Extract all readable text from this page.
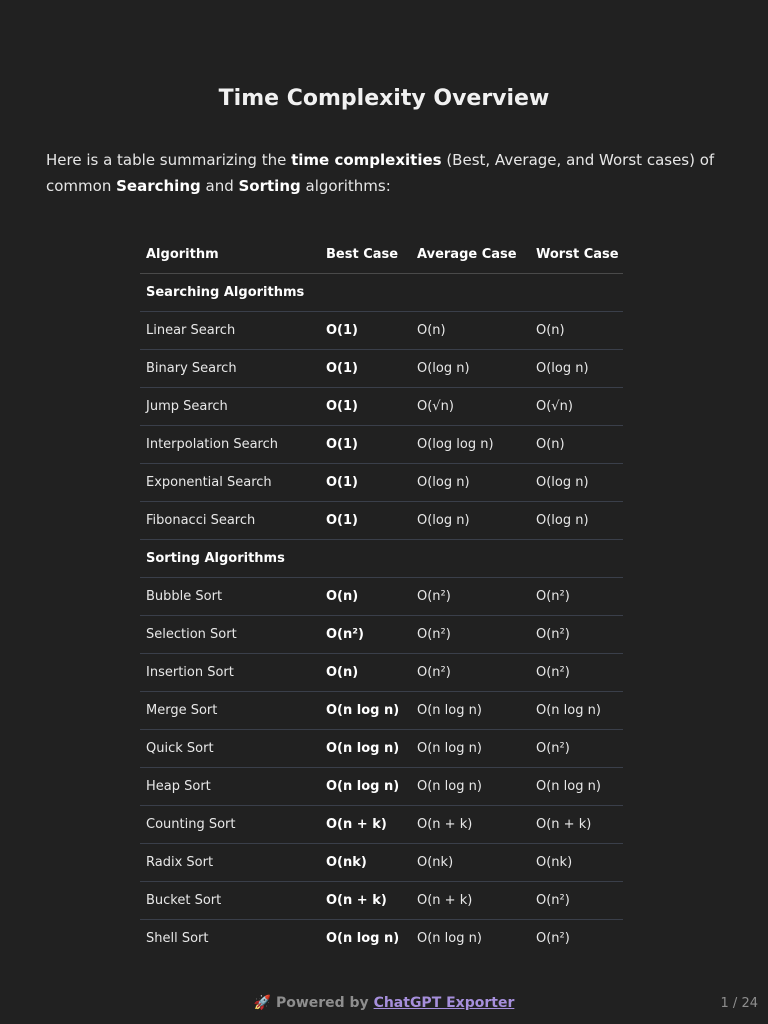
Time Complexity Overview

Here is a table summarizing the time complexities (Best, Average, and Worst cases) of common Searching and Sorting algorithms:

Algorithm	Best Case	Average Case	Worst Case
Searching Algorithms			
Linear Search	O(1)	O(n)	O(n)
Binary Search	O(1)	O(log n)	O(log n)
Jump Search	O(1)	O(√n)	O(√n)
Interpolation Search	O(1)	O(log log n)	O(n)
Exponential Search	O(1)	O(log n)	O(log n)
Fibonacci Search	O(1)	O(log n)	O(log n)
Sorting Algorithms			
Bubble Sort	O(n)	O(n²)	O(n²)
Selection Sort	O(n²)	O(n²)	O(n²)
Insertion Sort	O(n)	O(n²)	O(n²)
Merge Sort	O(n log n)	O(n log n)	O(n log n)
Quick Sort	O(n log n)	O(n log n)	O(n²)
Heap Sort	O(n log n)	O(n log n)	O(n log n)
Counting Sort	O(n + k)	O(n + k)	O(n + k)
Radix Sort	O(nk)	O(nk)	O(nk)
Bucket Sort	O(n + k)	O(n + k)	O(n²)
Shell Sort	O(n log n)	O(n log n)	O(n²)
🚀 Powered by ChatGPT Exporter	1 / 24
